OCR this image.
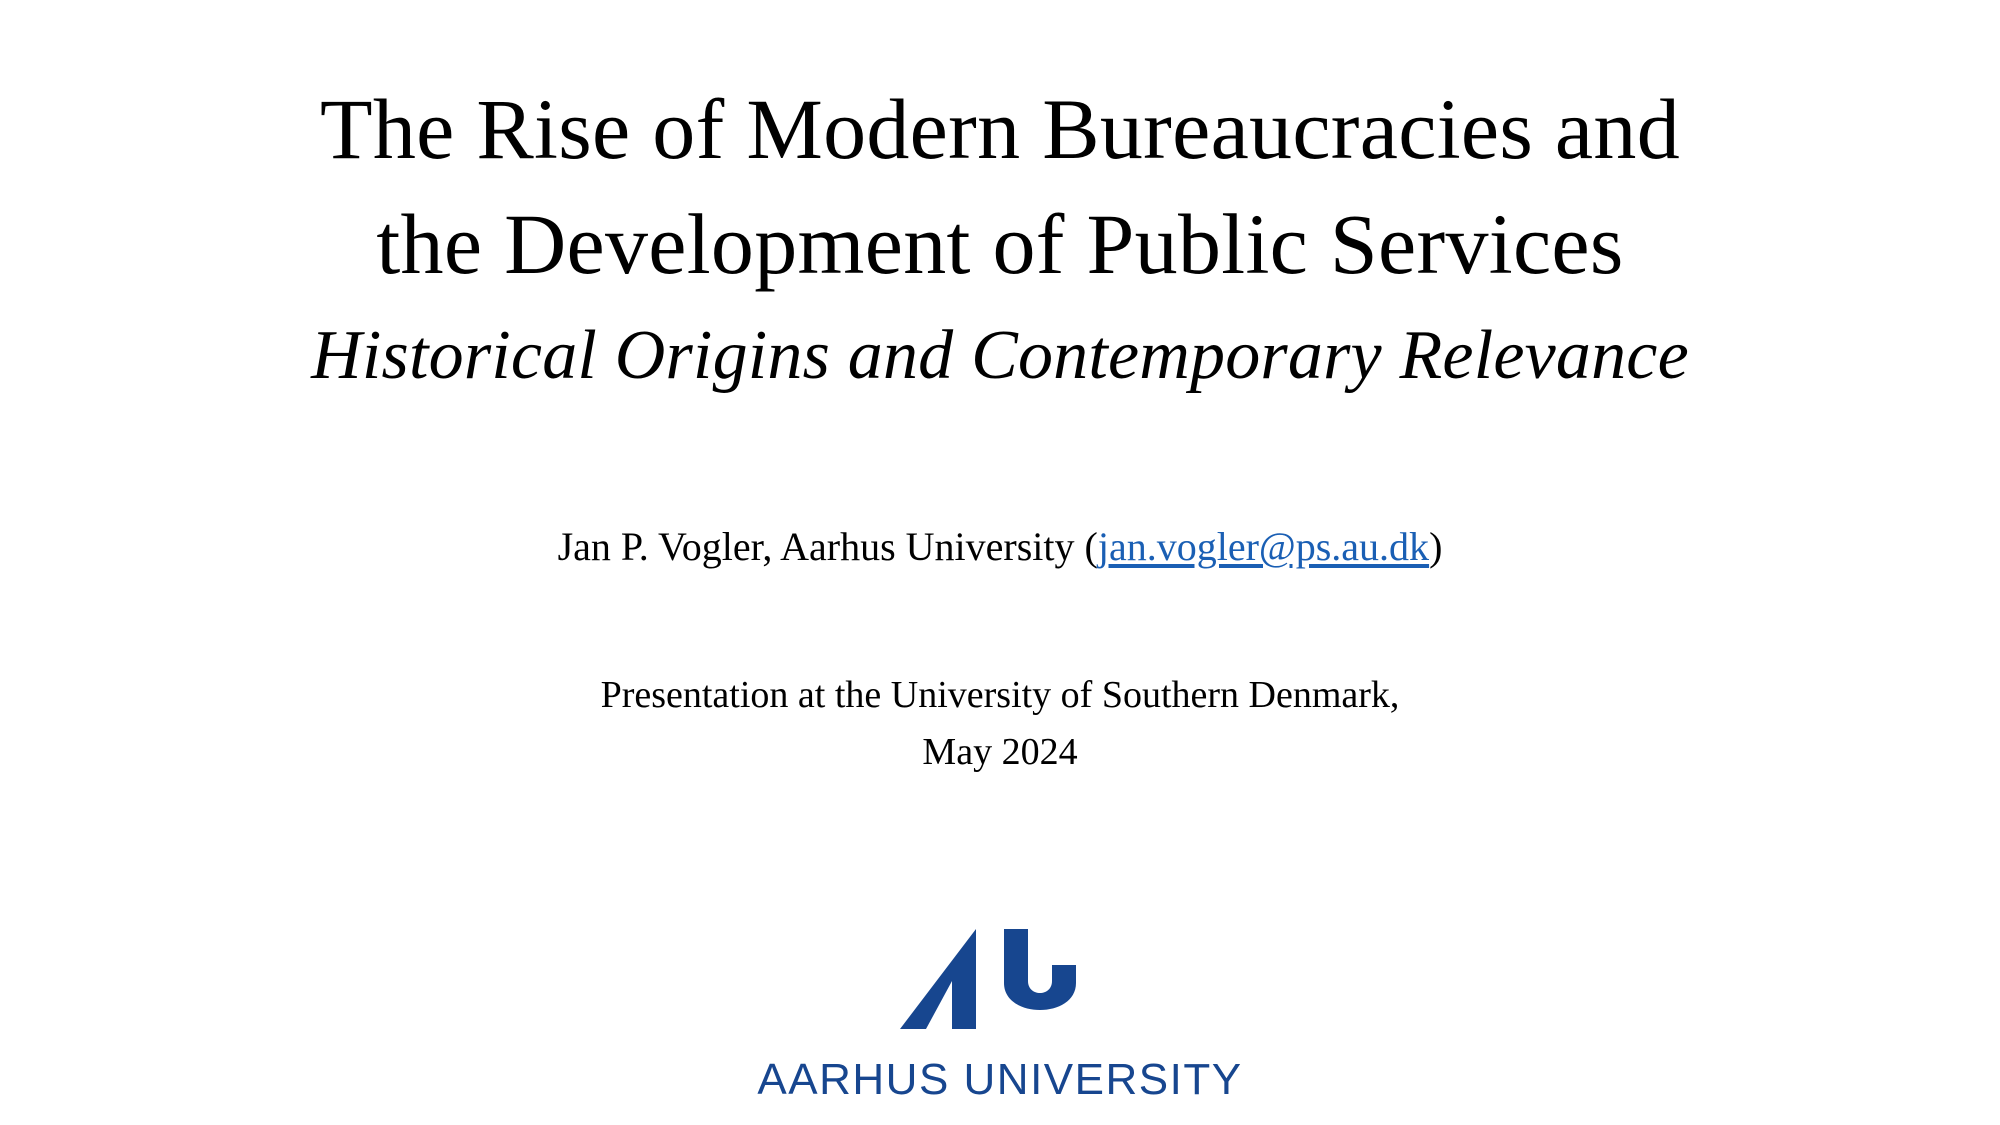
The Rise of Modern Bureaucracies and
the Development of Public Services
Historical Origins and Contemporary Relevance
Jan P. Vogler, Aarhus University (jan.vogler@ps.au.dk)
Presentation at the University of Southern Denmark,
May 2024
AARHUS UNIVERSITY
